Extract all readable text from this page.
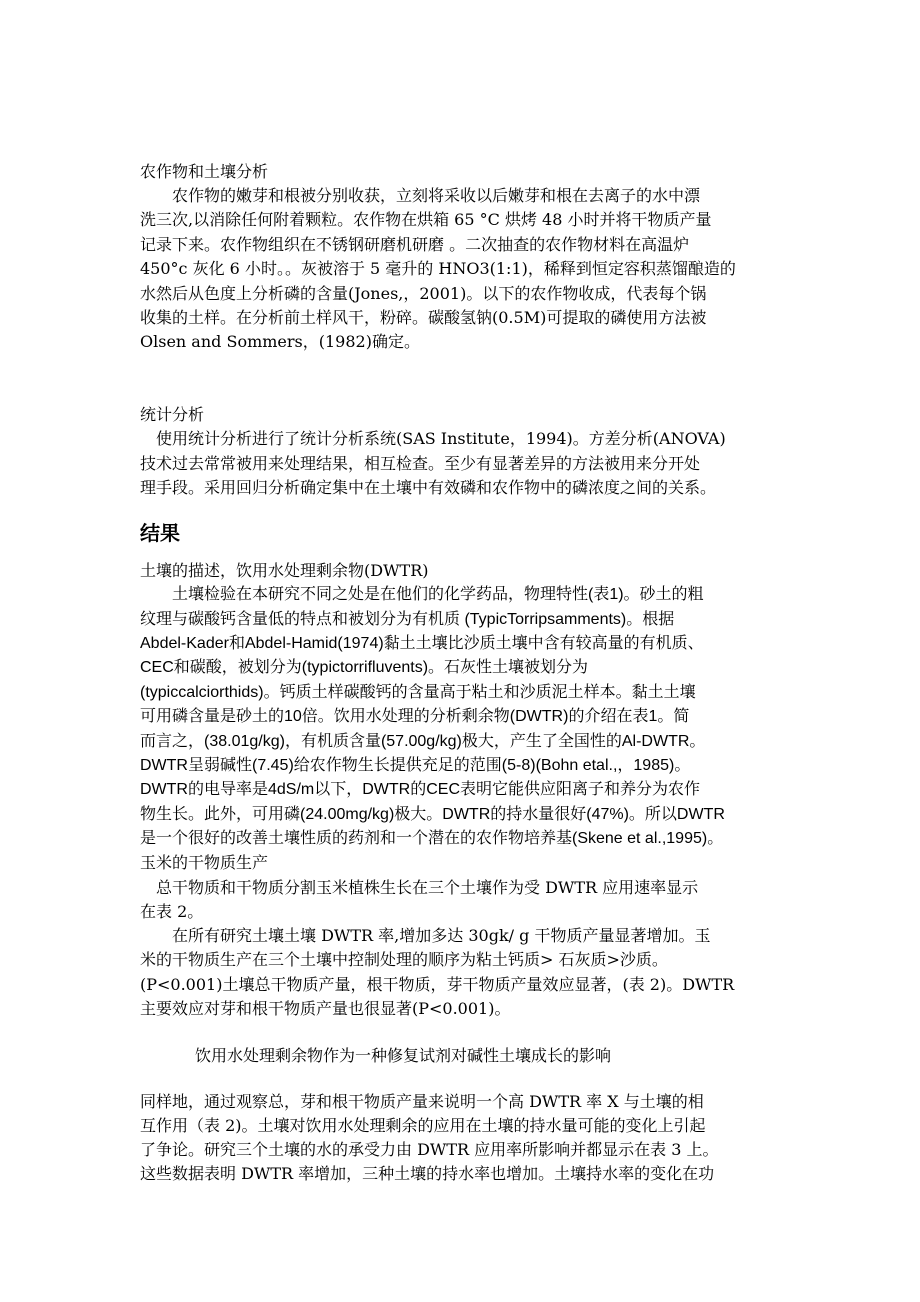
农作物和土壤分析
　　农作物的嫩芽和根被分别收获，立刻将采收以后嫩芽和根在去离子的水中漂
洗三次,以消除任何附着颗粒。农作物在烘箱 65 °C 烘烤 48 小时并将干物质产量
记录下来。农作物组织在不锈钢研磨机研磨 。二次抽查的农作物材料在高温炉
450°c 灰化 6 小时。。灰被溶于 5 毫升的 HNO3(1:1)，稀释到恒定容积蒸馏酿造的
水然后从色度上分析磷的含量(Jones,，2001)。以下的农作物收成，代表每个锅
收集的土样。在分析前土样风干，粉碎。碳酸氢钠(0.5M)可提取的磷使用方法被
Olsen and Sommers，(1982)确定。
统计分析
　使用统计分析进行了统计分析系统(SAS Institute，1994)。方差分析(ANOVA)
技术过去常常被用来处理结果，相互检查。至少有显著差异的方法被用来分开处
理手段。采用回归分析确定集中在土壤中有效磷和农作物中的磷浓度之间的关系。
结果
土壤的描述，饮用水处理剩余物(DWTR)
　　土壤检验在本研究不同之处是在他们的化学药品，物理特性(表1)。砂土的粗
纹理与碳酸钙含量低的特点和被划分为有机质 (TypicTorripsamments)。根据
Abdel-Kader和Abdel-Hamid(1974)黏土土壤比沙质土壤中含有较高量的有机质、
CEC和碳酸，被划分为(typictorrifluvents)。石灰性土壤被划分为
(typiccalciorthids)。钙质土样碳酸钙的含量高于粘土和沙质泥土样本。黏土土壤
可用磷含量是砂土的10倍。饮用水处理的分析剩余物(DWTR)的介绍在表1。简
而言之，(38.01g/kg)，有机质含量(57.00g/kg)极大，产生了全国性的Al-DWTR。
DWTR呈弱碱性(7.45)给农作物生长提供充足的范围(5-8)(Bohn etal.,，1985)。
DWTR的电导率是4dS/m以下，DWTR的CEC表明它能供应阳离子和养分为农作
物生长。此外，可用磷(24.00mg/kg)极大。DWTR的持水量很好(47%)。所以DWTR
是一个很好的改善土壤性质的药剂和一个潜在的农作物培养基(Skene et al.,1995)。
玉米的干物质生产
　总干物质和干物质分割玉米植株生长在三个土壤作为受 DWTR 应用速率显示
在表 2。
　　在所有研究土壤土壤 DWTR 率,增加多达 30gk/ g 干物质产量显著增加。玉
米的干物质生产在三个土壤中控制处理的顺序为粘土钙质> 石灰质>沙质。
(P<0.001)土壤总干物质产量，根干物质，芽干物质产量效应显著，(表 2)。DWTR
主要效应对芽和根干物质产量也很显著(P<0.001)。
饮用水处理剩余物作为一种修复试剂对碱性土壤成长的影响
同样地，通过观察总，芽和根干物质产量来说明一个高 DWTR 率 X 与土壤的相
互作用（表 2)。土壤对饮用水处理剩余的应用在土壤的持水量可能的变化上引起
了争论。研究三个土壤的水的承受力由 DWTR 应用率所影响并都显示在表 3 上。
这些数据表明 DWTR 率增加，三种土壤的持水率也增加。土壤持水率的变化在功
